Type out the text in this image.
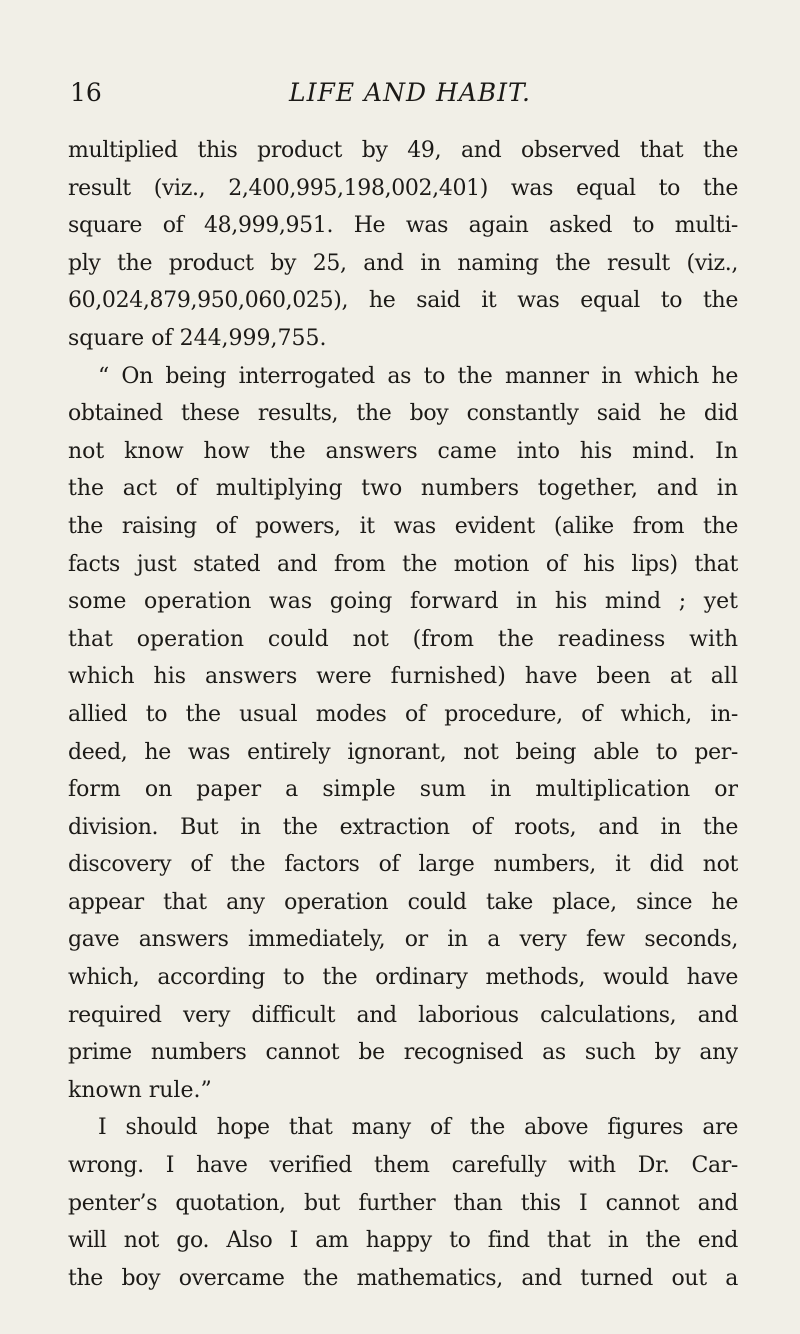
16	LIFE AND HABIT.
multiplied this product by 49, and observed that the
result (viz., 2,400,995,198,002,401) was equal to the
square of 48,999,951. He was again asked to multi-
ply the product by 25, and in naming the result (viz.,
60,024,879,950,060,025), he said it was equal to the
square of 244,999,755.
“ On being interrogated as to the manner in which he
obtained these results, the boy constantly said he did
not know how the answers came into his mind. In
the act of multiplying two numbers together, and in
the raising of powers, it was evident (alike from the
facts just stated and from the motion of his lips) that
some operation was going forward in his mind ; yet
that operation could not (from the readiness with
which his answers were furnished) have been at all
allied to the usual modes of procedure, of which, in-
deed, he was entirely ignorant, not being able to per-
form on paper a simple sum in multiplication or
division. But in the extraction of roots, and in the
discovery of the factors of large numbers, it did not
appear that any operation could take place, since he
gave answers immediately, or in a very few seconds,
which, according to the ordinary methods, would have
required very difficult and laborious calculations, and
prime numbers cannot be recognised as such by any
known rule.”
I should hope that many of the above figures are
wrong. I have verified them carefully with Dr. Car-
penter’s quotation, but further than this I cannot and
will not go. Also I am happy to find that in the end
the boy overcame the mathematics, and turned out a
